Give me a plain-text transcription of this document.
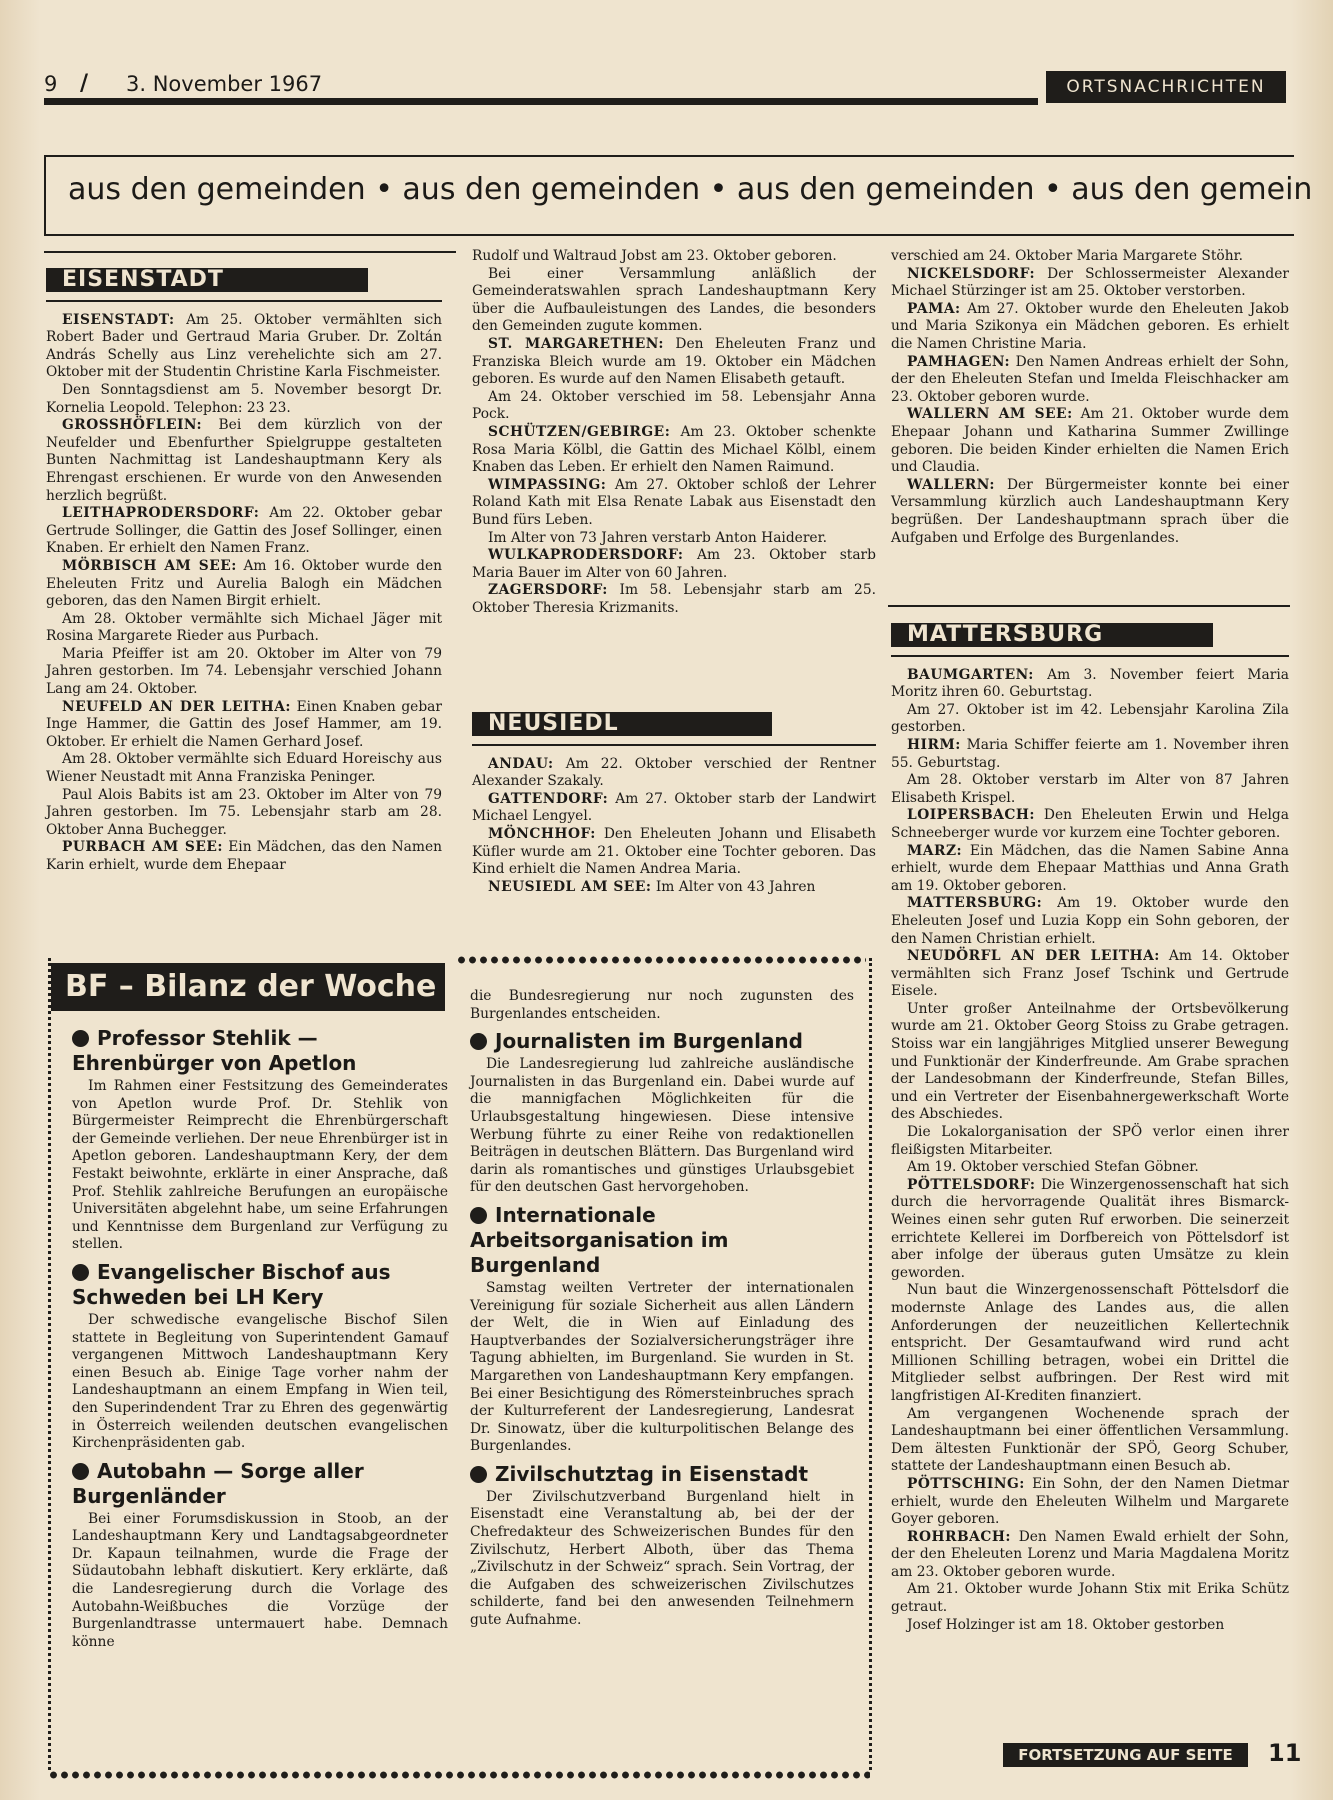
9 / 3. November 1967	ORTSNACHRICHTEN
aus den gemeinden • aus den gemeinden • aus den gemeinden • aus den gemein
EISENSTADT

EISENSTADT: Am 25. Oktober vermählten sich Robert Bader und Gertraud Maria Gruber. Dr. Zoltán András Schelly aus Linz verehelichte sich am 27. Oktober mit der Studentin Christine Karla Fischmeister.

Den Sonntagsdienst am 5. November besorgt Dr. Kornelia Leopold. Telephon: 23 23.

GROSSHÖFLEIN: Bei dem kürzlich von der Neufelder und Ebenfurther Spielgruppe gestalteten Bunten Nachmittag ist Landeshauptmann Kery als Ehrengast erschienen. Er wurde von den Anwesenden herzlich begrüßt.

LEITHAPRODERSDORF: Am 22. Oktober gebar Gertrude Sollinger, die Gattin des Josef Sollinger, einen Knaben. Er erhielt den Namen Franz.

MÖRBISCH AM SEE: Am 16. Oktober wurde den Eheleuten Fritz und Aurelia Balogh ein Mädchen geboren, das den Namen Birgit erhielt.

Am 28. Oktober vermählte sich Michael Jäger mit Rosina Margarete Rieder aus Purbach.

Maria Pfeiffer ist am 20. Oktober im Alter von 79 Jahren gestorben. Im 74. Lebensjahr verschied Johann Lang am 24. Oktober.

NEUFELD AN DER LEITHA: Einen Knaben gebar Inge Hammer, die Gattin des Josef Hammer, am 19. Oktober. Er erhielt die Namen Gerhard Josef.

Am 28. Oktober vermählte sich Eduard Horeischy aus Wiener Neustadt mit Anna Franziska Peninger.

Paul Alois Babits ist am 23. Oktober im Alter von 79 Jahren gestorben. Im 75. Lebensjahr starb am 28. Oktober Anna Buchegger.

PURBACH AM SEE: Ein Mädchen, das den Namen Karin erhielt, wurde dem Ehepaar

Rudolf und Waltraud Jobst am 23. Oktober geboren.

Bei einer Versammlung anläßlich der Gemeinderatswahlen sprach Landeshauptmann Kery über die Aufbauleistungen des Landes, die besonders den Gemeinden zugute kommen.

ST. MARGARETHEN: Den Eheleuten Franz und Franziska Bleich wurde am 19. Oktober ein Mädchen geboren. Es wurde auf den Namen Elisabeth getauft.

Am 24. Oktober verschied im 58. Lebensjahr Anna Pock.

SCHÜTZEN/GEBIRGE: Am 23. Oktober schenkte Rosa Maria Kölbl, die Gattin des Michael Kölbl, einem Knaben das Leben. Er erhielt den Namen Raimund.

WIMPASSING: Am 27. Oktober schloß der Lehrer Roland Kath mit Elsa Renate Labak aus Eisenstadt den Bund fürs Leben.

Im Alter von 73 Jahren verstarb Anton Haiderer.

WULKAPRODERSDORF: Am 23. Oktober starb Maria Bauer im Alter von 60 Jahren.

ZAGERSDORF: Im 58. Lebensjahr starb am 25. Oktober Theresia Krizmanits.

NEUSIEDL

ANDAU: Am 22. Oktober verschied der Rentner Alexander Szakaly.

GATTENDORF: Am 27. Oktober starb der Landwirt Michael Lengyel.

MÖNCHHOF: Den Eheleuten Johann und Elisabeth Küfler wurde am 21. Oktober eine Tochter geboren. Das Kind erhielt die Namen Andrea Maria.

NEUSIEDL AM SEE: Im Alter von 43 Jahren

verschied am 24. Oktober Maria Margarete Stöhr.

NICKELSDORF: Der Schlossermeister Alexander Michael Stürzinger ist am 25. Oktober verstorben.

PAMA: Am 27. Oktober wurde den Eheleuten Jakob und Maria Szikonya ein Mädchen geboren. Es erhielt die Namen Christine Maria.

PAMHAGEN: Den Namen Andreas erhielt der Sohn, der den Eheleuten Stefan und Imelda Fleischhacker am 23. Oktober geboren wurde.

WALLERN AM SEE: Am 21. Oktober wurde dem Ehepaar Johann und Katharina Summer Zwillinge geboren. Die beiden Kinder erhielten die Namen Erich und Claudia.

WALLERN: Der Bürgermeister konnte bei einer Versammlung kürzlich auch Landeshauptmann Kery begrüßen. Der Landeshauptmann sprach über die Aufgaben und Erfolge des Burgenlandes.

MATTERSBURG

BAUMGARTEN: Am 3. November feiert Maria Moritz ihren 60. Geburtstag.

Am 27. Oktober ist im 42. Lebensjahr Karolina Zila gestorben.

HIRM: Maria Schiffer feierte am 1. November ihren 55. Geburtstag.

Am 28. Oktober verstarb im Alter von 87 Jahren Elisabeth Krispel.

LOIPERSBACH: Den Eheleuten Erwin und Helga Schneeberger wurde vor kurzem eine Tochter geboren.

MARZ: Ein Mädchen, das die Namen Sabine Anna erhielt, wurde dem Ehepaar Matthias und Anna Grath am 19. Oktober geboren.

MATTERSBURG: Am 19. Oktober wurde den Eheleuten Josef und Luzia Kopp ein Sohn geboren, der den Namen Christian erhielt.

NEUDÖRFL AN DER LEITHA: Am 14. Oktober vermählten sich Franz Josef Tschink und Gertrude Eisele.

Unter großer Anteilnahme der Ortsbevölkerung wurde am 21. Oktober Georg Stoiss zu Grabe getragen. Stoiss war ein langjähriges Mitglied unserer Bewegung und Funktionär der Kinderfreunde. Am Grabe sprachen der Landesobmann der Kinderfreunde, Stefan Billes, und ein Vertreter der Eisenbahnergewerkschaft Worte des Abschiedes.

Die Lokalorganisation der SPÖ verlor einen ihrer fleißigsten Mitarbeiter.

Am 19. Oktober verschied Stefan Göbner.

PÖTTELSDORF: Die Winzergenossenschaft hat sich durch die hervorragende Qualität ihres Bismarck-Weines einen sehr guten Ruf erworben. Die seinerzeit errichtete Kellerei im Dorfbereich von Pöttelsdorf ist aber infolge der überaus guten Umsätze zu klein geworden.

Nun baut die Winzergenossenschaft Pöttelsdorf die modernste Anlage des Landes aus, die allen Anforderungen der neuzeitlichen Kellertechnik entspricht. Der Gesamtaufwand wird rund acht Millionen Schilling betragen, wobei ein Drittel die Mitglieder selbst aufbringen. Der Rest wird mit langfristigen AI-Krediten finanziert.

Am vergangenen Wochenende sprach der Landeshauptmann bei einer öffentlichen Versammlung. Dem ältesten Funktionär der SPÖ, Georg Schuber, stattete der Landeshauptmann einen Besuch ab.

PÖTTSCHING: Ein Sohn, der den Namen Dietmar erhielt, wurde den Eheleuten Wilhelm und Margarete Goyer geboren.

ROHRBACH: Den Namen Ewald erhielt der Sohn, der den Eheleuten Lorenz und Maria Magdalena Moritz am 23. Oktober geboren wurde.

Am 21. Oktober wurde Johann Stix mit Erika Schütz getraut.

Josef Holzinger ist am 18. Oktober gestorben

BF – Bilanz der Woche
Professor Stehlik — Ehrenbürger von Apetlon

Im Rahmen einer Festsitzung des Gemeinderates von Apetlon wurde Prof. Dr. Stehlik von Bürgermeister Reimprecht die Ehrenbürgerschaft der Gemeinde verliehen. Der neue Ehrenbürger ist in Apetlon geboren. Landeshauptmann Kery, der dem Festakt beiwohnte, erklärte in einer Ansprache, daß Prof. Stehlik zahlreiche Berufungen an europäische Universitäten abgelehnt habe, um seine Erfahrungen und Kenntnisse dem Burgenland zur Verfügung zu stellen.

Evangelischer Bischof aus Schweden bei LH Kery

Der schwedische evangelische Bischof Silen stattete in Begleitung von Superintendent Gamauf vergangenen Mittwoch Landeshauptmann Kery einen Besuch ab. Einige Tage vorher nahm der Landeshauptmann an einem Empfang in Wien teil, den Superindendent Trar zu Ehren des gegenwärtig in Österreich weilenden deutschen evangelischen Kirchenpräsidenten gab.

Autobahn — Sorge aller Burgenländer

Bei einer Forumsdiskussion in Stoob, an der Landeshauptmann Kery und Landtagsabgeordneter Dr. Kapaun teilnahmen, wurde die Frage der Südautobahn lebhaft diskutiert. Kery erklärte, daß die Landesregierung durch die Vorlage des Autobahn-Weißbuches die Vorzüge der Burgenlandtrasse untermauert habe. Demnach könne

die Bundesregierung nur noch zugunsten des Burgenlandes entscheiden.

Journalisten im Burgenland

Die Landesregierung lud zahlreiche ausländische Journalisten in das Burgenland ein. Dabei wurde auf die mannigfachen Möglichkeiten für die Urlaubsgestaltung hingewiesen. Diese intensive Werbung führte zu einer Reihe von redaktionellen Beiträgen in deutschen Blättern. Das Burgenland wird darin als romantisches und günstiges Urlaubsgebiet für den deutschen Gast hervorgehoben.

Internationale Arbeitsorganisation im Burgenland

Samstag weilten Vertreter der internationalen Vereinigung für soziale Sicherheit aus allen Ländern der Welt, die in Wien auf Einladung des Hauptverbandes der Sozialversicherungsträger ihre Tagung abhielten, im Burgenland. Sie wurden in St. Margarethen von Landeshauptmann Kery empfangen. Bei einer Besichtigung des Römersteinbruches sprach der Kulturreferent der Landesregierung, Landesrat Dr. Sinowatz, über die kulturpolitischen Belange des Burgenlandes.

Zivilschutztag in Eisenstadt

Der Zivilschutzverband Burgenland hielt in Eisenstadt eine Veranstaltung ab, bei der der Chefredakteur des Schweizerischen Bundes für den Zivilschutz, Herbert Alboth, über das Thema „Zivilschutz in der Schweiz“ sprach. Sein Vortrag, der die Aufgaben des schweizerischen Zivilschutzes schilderte, fand bei den anwesenden Teilnehmern gute Aufnahme.

FORTSETZUNG AUF SEITE	11
